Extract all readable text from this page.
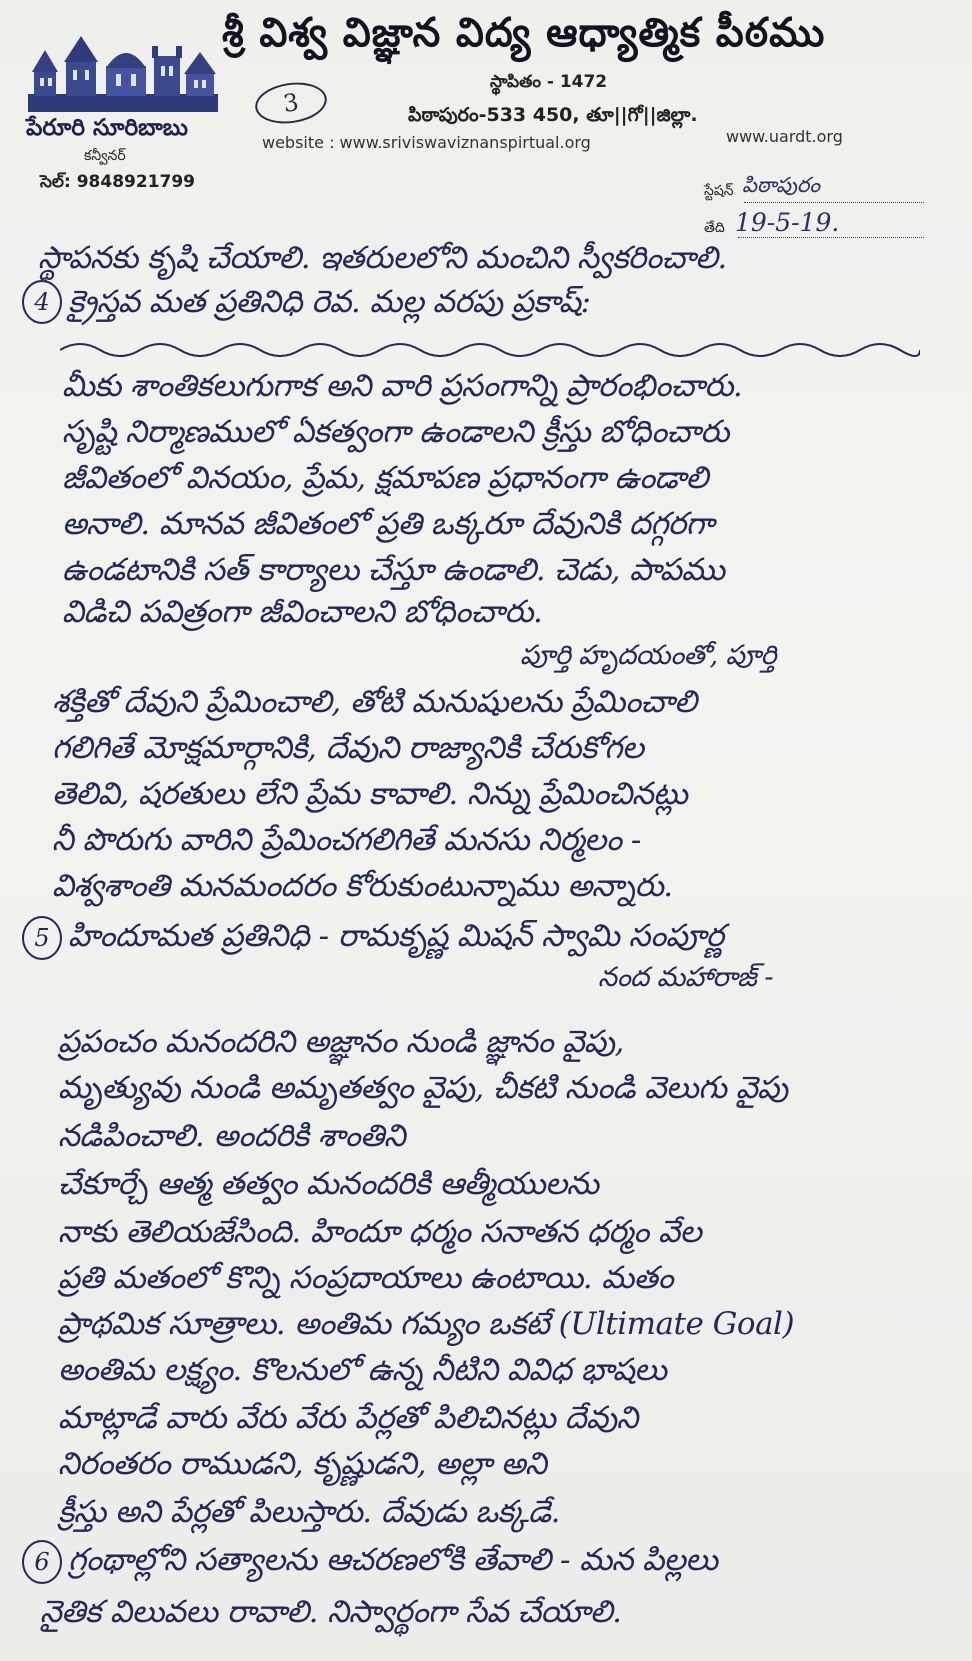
శ్రీ విశ్వ విజ్ఞాన విద్య ఆధ్యాత్మిక పీఠము
స్థాపితం - 1472
3	పిఠాపురం-533 450, తూ||గో||జిల్లా.
పేరూరి సూరిబాబు
కన్వీనర్
సెల్: 9848921799
website : www.sriviswaviznanspirtual.org	www.uardt.org
స్టేషన్ పిఠాపురం
తేది 19-5-19.
స్థాపనకు కృషి చేయాలి. ఇతరులలోని మంచిని స్వీకరించాలి.
4 క్రైస్తవ మత ప్రతినిధి రెవ. మల్ల వరపు ప్రకాష్:
మీకు శాంతికలుగుగాక అని వారి ప్రసంగాన్ని ప్రారంభించారు.
సృష్టి నిర్మాణములో ఏకత్వంగా ఉండాలని క్రీస్తు బోధించారు
జీవితంలో వినయం, ప్రేమ, క్షమాపణ ప్రధానంగా ఉండాలి
అనాలి. మానవ జీవితంలో ప్రతి ఒక్కరూ దేవునికి దగ్గరగా
ఉండటానికి సత్ కార్యాలు చేస్తూ ఉండాలి. చెడు, పాపము
విడిచి పవిత్రంగా జీవించాలని బోధించారు.
పూర్తి హృదయంతో, పూర్తి
శక్తితో దేవుని ప్రేమించాలి, తోటి మనుషులను ప్రేమించాలి
గలిగితే మోక్షమార్గానికి, దేవుని రాజ్యానికి చేరుకోగల
తెలివి, షరతులు లేని ప్రేమ కావాలి. నిన్ను ప్రేమించినట్లు
నీ పొరుగు వారిని ప్రేమించగలిగితే మనసు నిర్మలం -
విశ్వశాంతి మనమందరం కోరుకుంటున్నాము అన్నారు.
5 హిందూమత ప్రతినిధి - రామకృష్ణ మిషన్ స్వామి సంపూర్ణ
నంద మహారాజ్ -
ప్రపంచం మనందరిని అజ్ఞానం నుండి జ్ఞానం వైపు,
మృత్యువు నుండి అమృతత్వం వైపు, చీకటి నుండి వెలుగు వైపు
నడిపించాలి. అందరికి శాంతిని
చేకూర్చే ఆత్మ తత్వం మనందరికి ఆత్మీయులను
నాకు తెలియజేసింది. హిందూ ధర్మం సనాతన ధర్మం వేల
ప్రతి మతంలో కొన్ని సంప్రదాయాలు ఉంటాయి. మతం
ప్రాథమిక సూత్రాలు. అంతిమ గమ్యం ఒకటే (Ultimate Goal)
అంతిమ లక్ష్యం. కొలనులో ఉన్న నీటిని వివిధ భాషలు
మాట్లాడే వారు వేరు వేరు పేర్లతో పిలిచినట్లు దేవుని
నిరంతరం రాముడని, కృష్ణుడని, అల్లా అని
క్రీస్తు అని పేర్లతో పిలుస్తారు. దేవుడు ఒక్కడే.
6 గ్రంథాల్లోని సత్యాలను ఆచరణలోకి తేవాలి - మన పిల్లలు
నైతిక విలువలు రావాలి. నిస్వార్థంగా సేవ చేయాలి.
